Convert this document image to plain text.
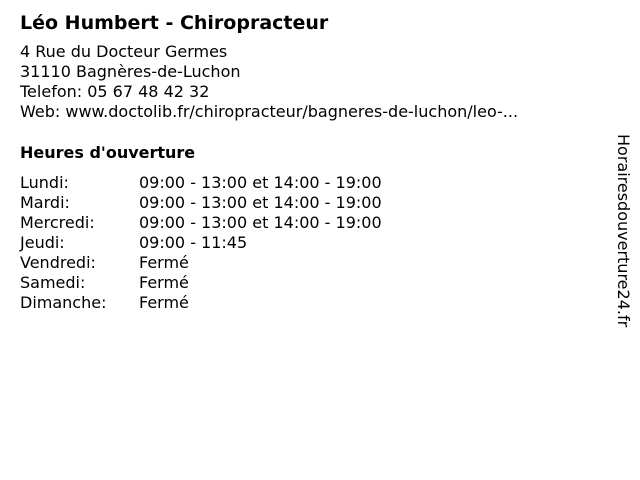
Léo Humbert - Chiropracteur
4 Rue du Docteur Germes
31110 Bagnères-de-Luchon
Telefon: 05 67 48 42 32
Web: www.doctolib.fr/chiropracteur/bagneres-de-luchon/leo-...
Heures d'ouverture
Lundi:	09:00 - 13:00 et 14:00 - 19:00
Mardi:	09:00 - 13:00 et 14:00 - 19:00
Mercredi:	09:00 - 13:00 et 14:00 - 19:00
Jeudi:	09:00 - 11:45
Vendredi:	Fermé
Samedi:	Fermé
Dimanche:	Fermé	Horairesdouverture24.fr
